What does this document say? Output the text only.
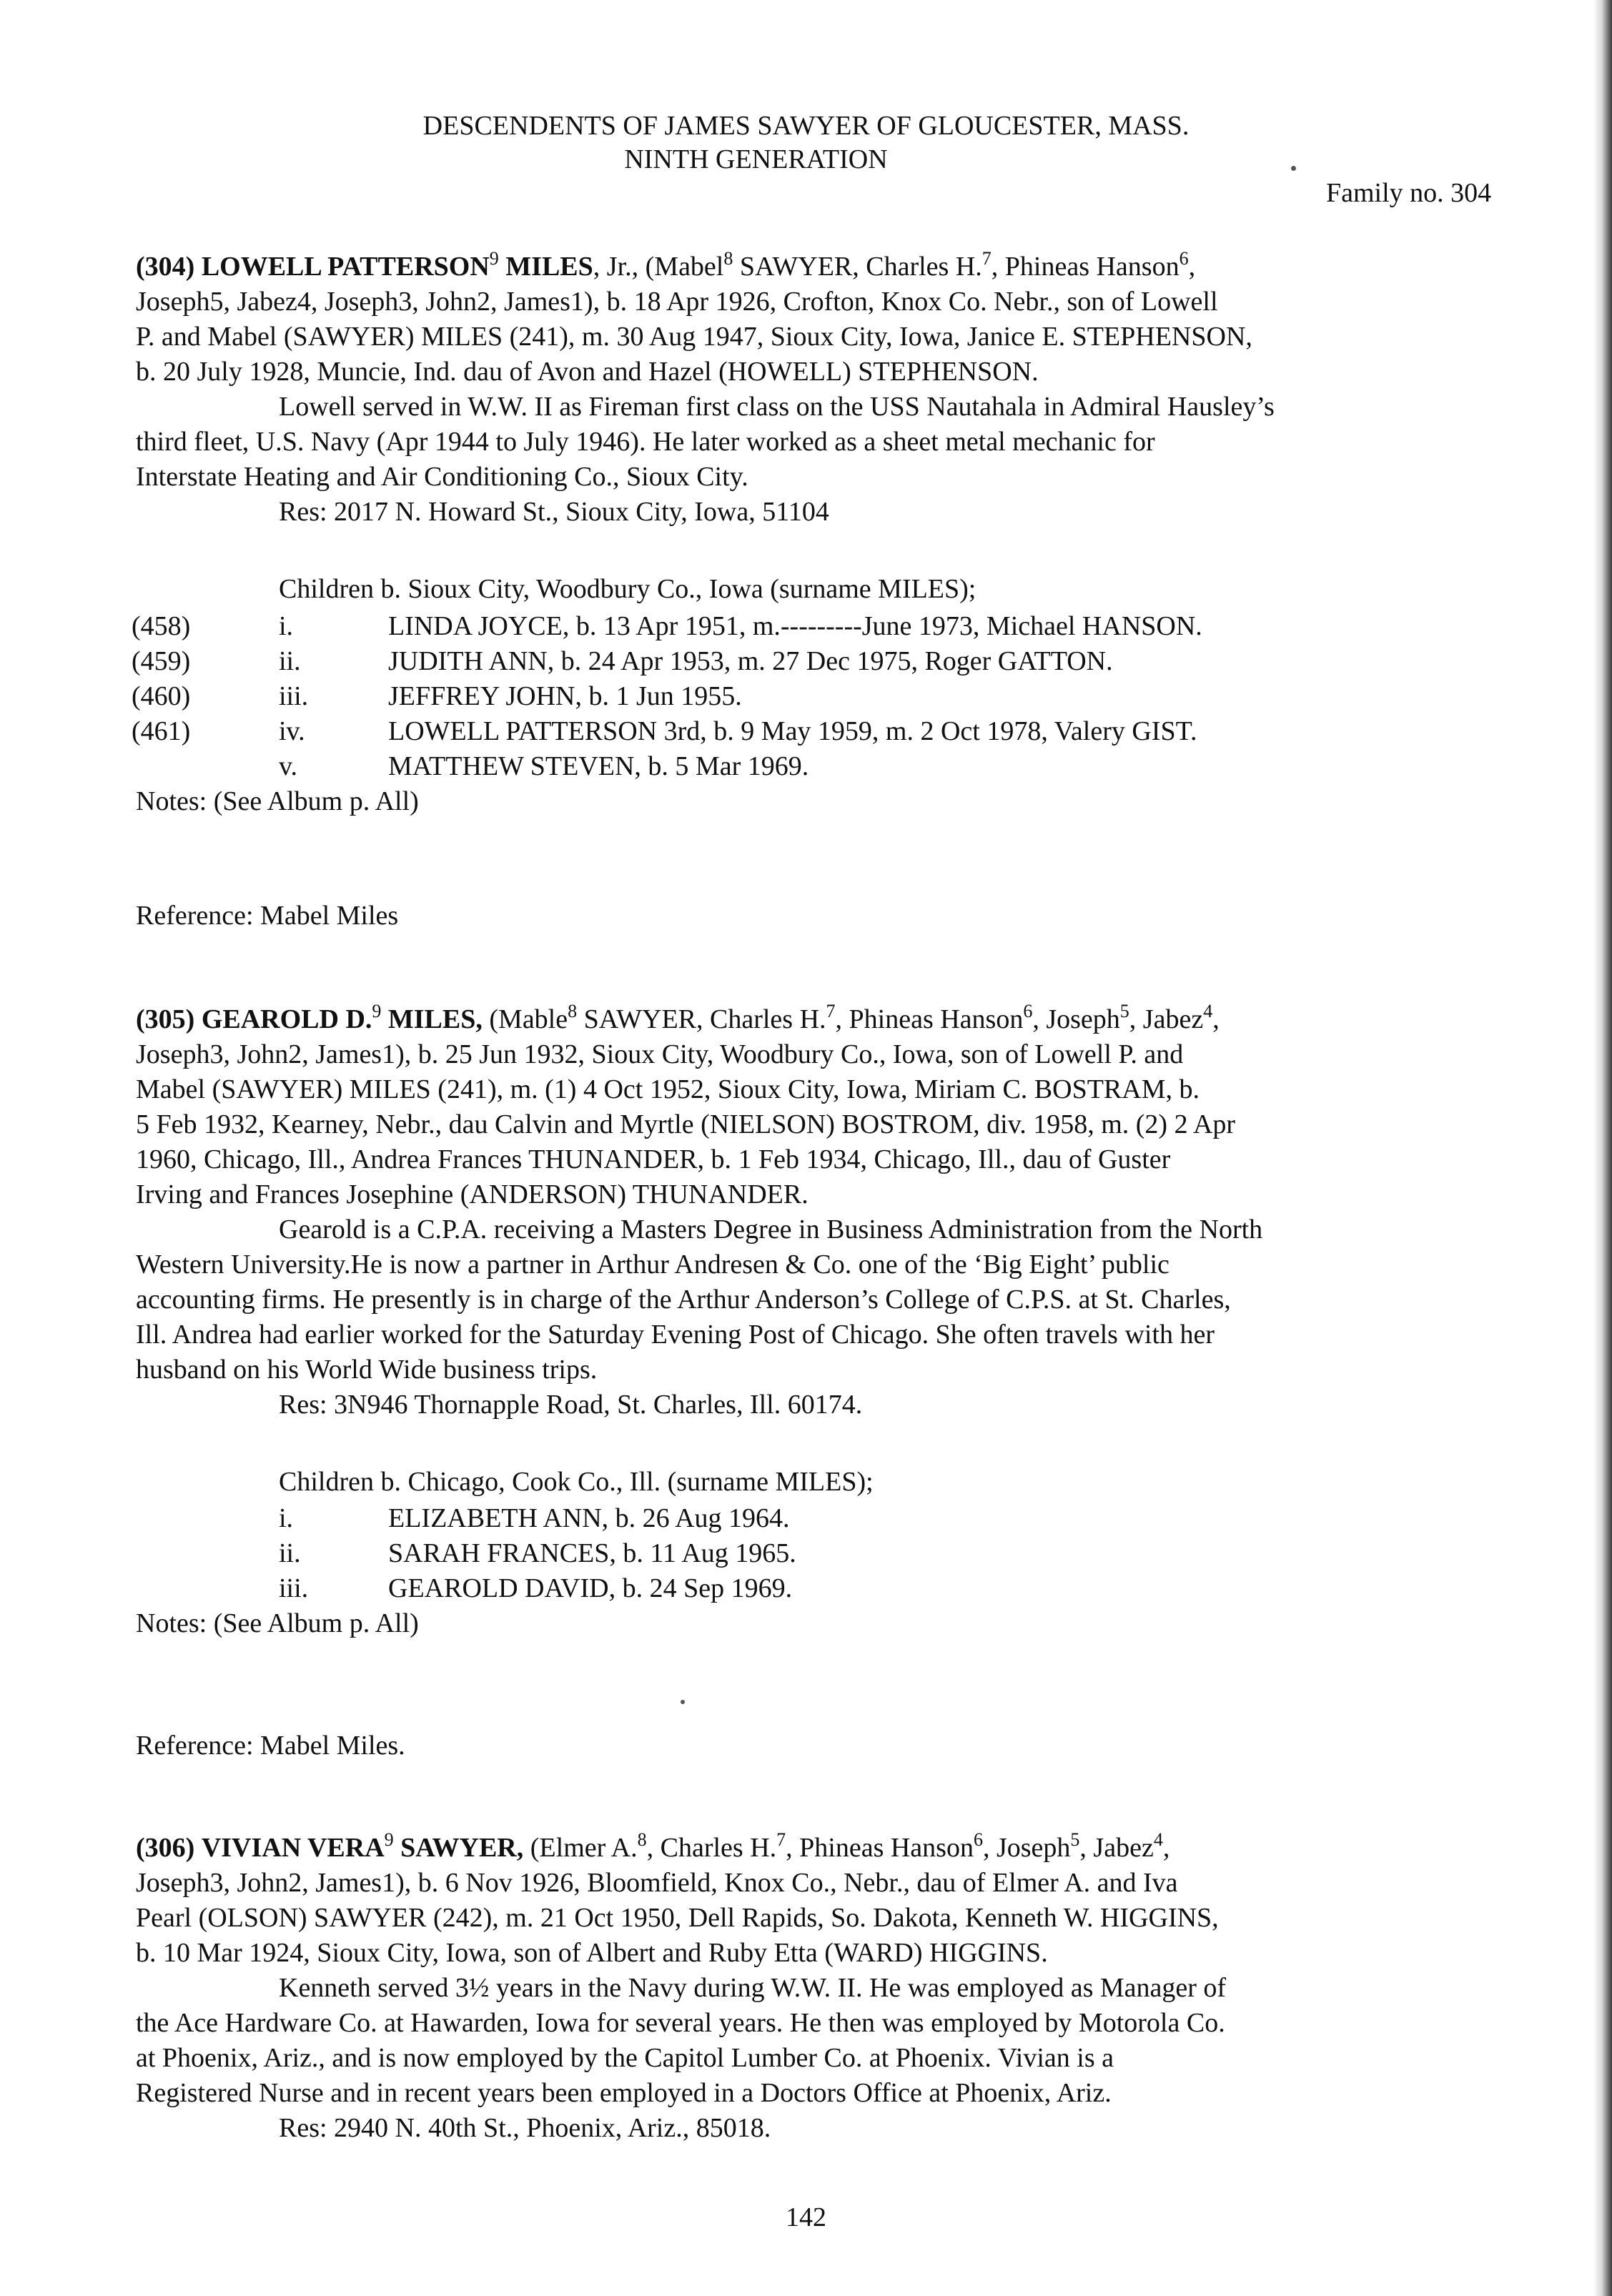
DESCENDENTS OF JAMES SAWYER OF GLOUCESTER, MASS.
NINTH GENERATION
Family no. 304
(304) LOWELL PATTERSON$^9$ MILES, Jr., (Mabel$^8$ SAWYER, Charles H.$^7$, Phineas Hanson$^6$,
Joseph5, Jabez4, Joseph3, John2, James1), b. 18 Apr 1926, Crofton, Knox Co. Nebr., son of Lowell
P. and Mabel (SAWYER) MILES (241), m. 30 Aug 1947, Sioux City, Iowa, Janice E. STEPHENSON,
b. 20 July 1928, Muncie, Ind. dau of Avon and Hazel (HOWELL) STEPHENSON.
Lowell served in W.W. II as Fireman first class on the USS Nautahala in Admiral Hausley’s
third fleet, U.S. Navy (Apr 1944 to July 1946). He later worked as a sheet metal mechanic for
Interstate Heating and Air Conditioning Co., Sioux City.
Res: 2017 N. Howard St., Sioux City, Iowa, 51104
Children b. Sioux City, Woodbury Co., Iowa (surname MILES);
(458)	i.	LINDA JOYCE, b. 13 Apr 1951, m.---------June 1973, Michael HANSON.
(459)	ii.	JUDITH ANN, b. 24 Apr 1953, m. 27 Dec 1975, Roger GATTON.
(460)	iii.	JEFFREY JOHN, b. 1 Jun 1955.
(461)	iv.	LOWELL PATTERSON 3rd, b. 9 May 1959, m. 2 Oct 1978, Valery GIST.
v.	MATTHEW STEVEN, b. 5 Mar 1969.
Notes: (See Album p. All)
Reference: Mabel Miles
(305) GEAROLD D.$^9$ MILES, (Mable$^8$ SAWYER, Charles H.$^7$, Phineas Hanson$^6$, Joseph$^5$, Jabez$^4$,
Joseph3, John2, James1), b. 25 Jun 1932, Sioux City, Woodbury Co., Iowa, son of Lowell P. and
Mabel (SAWYER) MILES (241), m. (1) 4 Oct 1952, Sioux City, Iowa, Miriam C. BOSTRAM, b.
5 Feb 1932, Kearney, Nebr., dau Calvin and Myrtle (NIELSON) BOSTROM, div. 1958, m. (2) 2 Apr
1960, Chicago, Ill., Andrea Frances THUNANDER, b. 1 Feb 1934, Chicago, Ill., dau of Guster
Irving and Frances Josephine (ANDERSON) THUNANDER.
Gearold is a C.P.A. receiving a Masters Degree in Business Administration from the North
Western University.He is now a partner in Arthur Andresen & Co. one of the ‘Big Eight’ public
accounting firms. He presently is in charge of the Arthur Anderson’s College of C.P.S. at St. Charles,
Ill. Andrea had earlier worked for the Saturday Evening Post of Chicago. She often travels with her
husband on his World Wide business trips.
Res: 3N946 Thornapple Road, St. Charles, Ill. 60174.
Children b. Chicago, Cook Co., Ill. (surname MILES);
i.	ELIZABETH ANN, b. 26 Aug 1964.
ii.	SARAH FRANCES, b. 11 Aug 1965.
iii.	GEAROLD DAVID, b. 24 Sep 1969.
Notes: (See Album p. All)
Reference: Mabel Miles.
(306) VIVIAN VERA$^9$ SAWYER, (Elmer A.$^8$, Charles H.$^7$, Phineas Hanson$^6$, Joseph$^5$, Jabez$^4$,
Joseph3, John2, James1), b. 6 Nov 1926, Bloomfield, Knox Co., Nebr., dau of Elmer A. and Iva
Pearl (OLSON) SAWYER (242), m. 21 Oct 1950, Dell Rapids, So. Dakota, Kenneth W. HIGGINS,
b. 10 Mar 1924, Sioux City, Iowa, son of Albert and Ruby Etta (WARD) HIGGINS.
Kenneth served 3½ years in the Navy during W.W. II. He was employed as Manager of
the Ace Hardware Co. at Hawarden, Iowa for several years. He then was employed by Motorola Co.
at Phoenix, Ariz., and is now employed by the Capitol Lumber Co. at Phoenix. Vivian is a
Registered Nurse and in recent years been employed in a Doctors Office at Phoenix, Ariz.
Res: 2940 N. 40th St., Phoenix, Ariz., 85018.
142
